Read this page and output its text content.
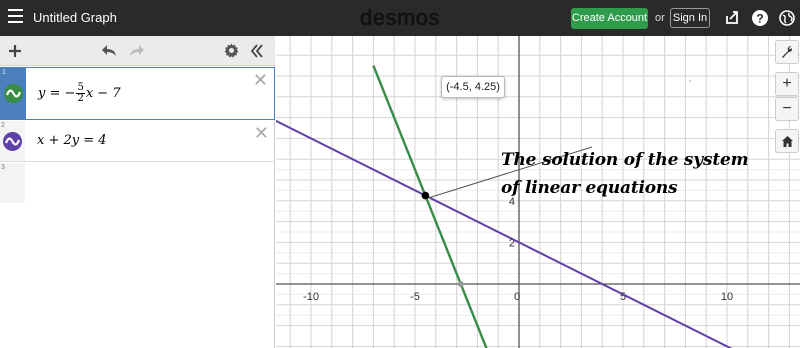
Untitled Graph	desmos	Create Account or Sign In	?
1
y = − $\frac{5}{2}$ x − 7
✕
2
x + 2y = 4	✕
3
-10	-5	0	5	10
2
4
+
−
(-4.5, 4.25)
The solution of the system
of linear equations
